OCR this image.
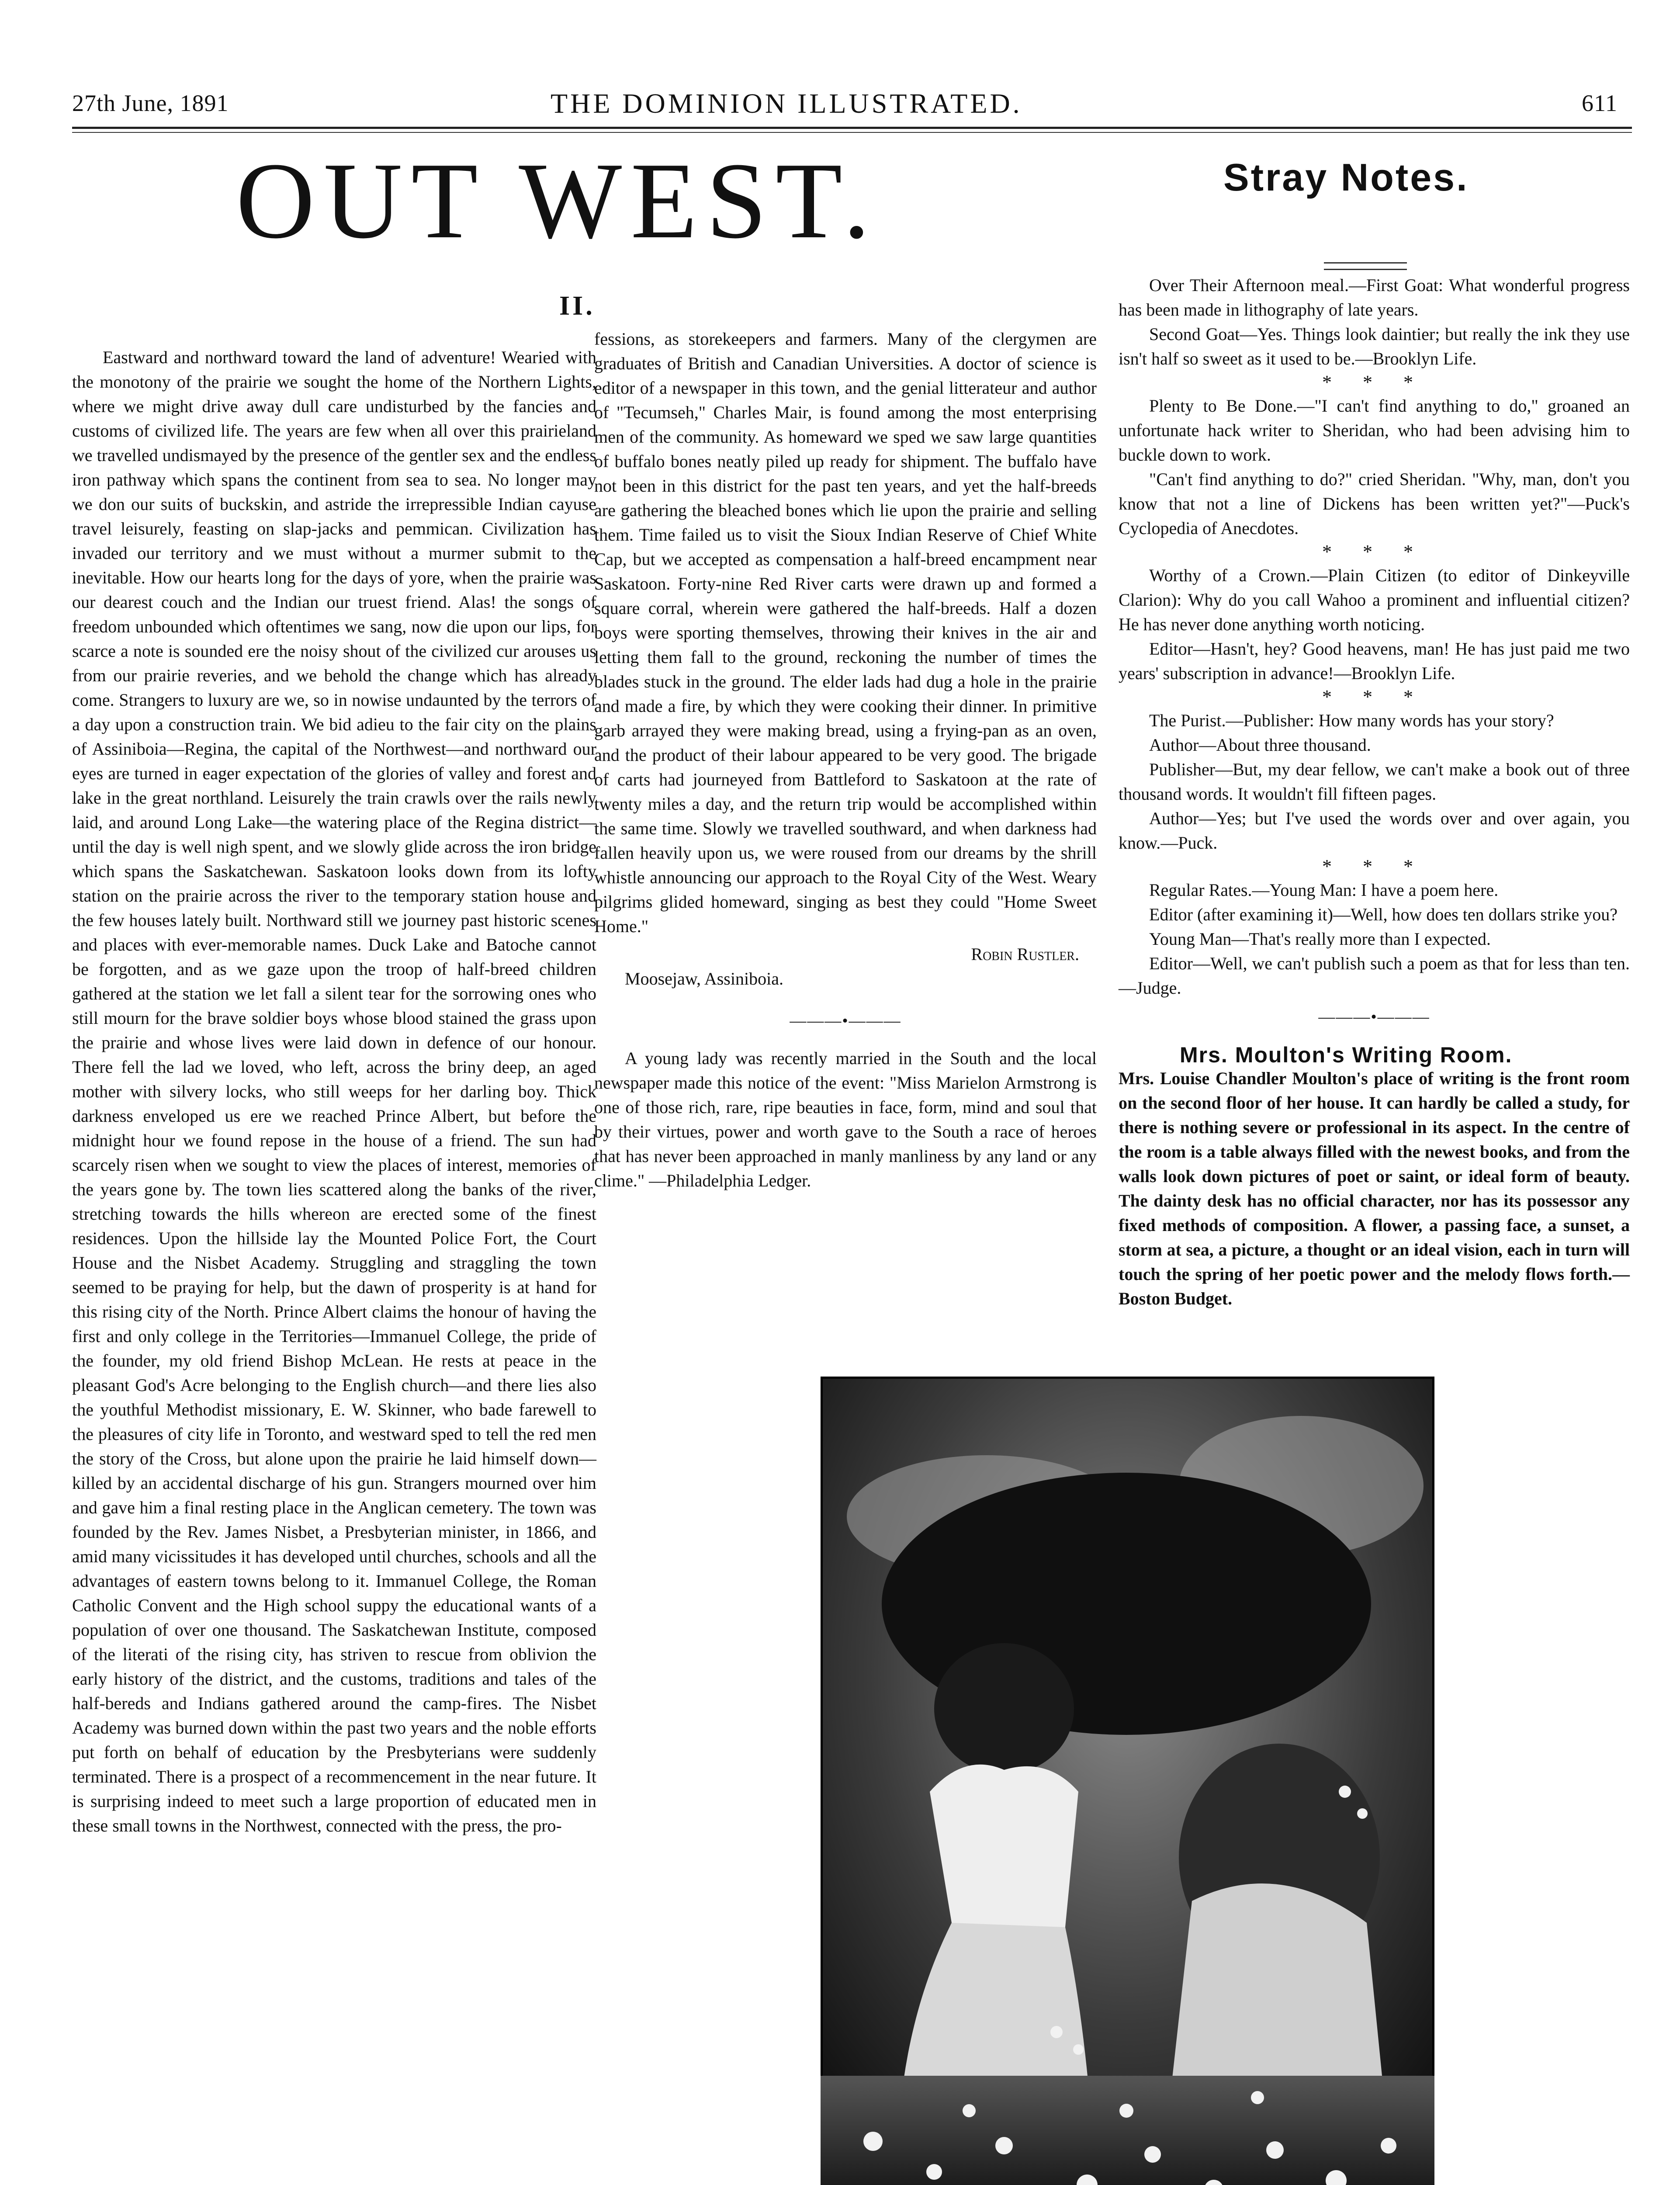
27th June, 1891	THE DOMINION ILLUSTRATED.	611
OUT WEST.
II.

Eastward and northward toward the land of adventure! Wearied with the monotony of the prairie we sought the home of the Northern Lights, where we might drive away dull care undisturbed by the fancies and customs of civilized life. The years are few when all over this prairieland we travelled undismayed by the presence of the gentler sex and the endless iron pathway which spans the continent from sea to sea. No longer may we don our suits of buckskin, and astride the irrepressible Indian cayuse travel leisurely, feasting on slap-jacks and pemmican. Civilization has invaded our territory and we must without a murmer submit to the inevitable. How our hearts long for the days of yore, when the prairie was our dearest couch and the Indian our truest friend. Alas! the songs of freedom unbounded which oftentimes we sang, now die upon our lips, for scarce a note is sounded ere the noisy shout of the civilized cur arouses us from our prairie reveries, and we behold the change which has already come. Strangers to luxury are we, so in nowise undaunted by the terrors of a day upon a construction train. We bid adieu to the fair city on the plains of Assiniboia—Regina, the capital of the Northwest—and northward our eyes are turned in eager expectation of the glories of valley and forest and lake in the great northland. Leisurely the train crawls over the rails newly laid, and around Long Lake—the watering place of the Regina district—until the day is well nigh spent, and we slowly glide across the iron bridge which spans the Saskatchewan. Saskatoon looks down from its lofty station on the prairie across the river to the temporary station house and the few houses lately built. Northward still we journey past historic scenes and places with ever-memorable names. Duck Lake and Batoche cannot be forgotten, and as we gaze upon the troop of half-breed children gathered at the station we let fall a silent tear for the sorrowing ones who still mourn for the brave soldier boys whose blood stained the grass upon the prairie and whose lives were laid down in defence of our honour. There fell the lad we loved, who left, across the briny deep, an aged mother with silvery locks, who still weeps for her darling boy. Thick darkness enveloped us ere we reached Prince Albert, but before the midnight hour we found repose in the house of a friend. The sun had scarcely risen when we sought to view the places of interest, memories of the years gone by. The town lies scattered along the banks of the river, stretching towards the hills whereon are erected some of the finest residences. Upon the hillside lay the Mounted Police Fort, the Court House and the Nisbet Academy. Struggling and straggling the town seemed to be praying for help, but the dawn of prosperity is at hand for this rising city of the North. Prince Albert claims the honour of having the first and only college in the Territories—Immanuel College, the pride of the founder, my old friend Bishop McLean. He rests at peace in the pleasant God's Acre belonging to the English church—and there lies also the youthful Methodist missionary, E. W. Skinner, who bade farewell to the pleasures of city life in Toronto, and westward sped to tell the red men the story of the Cross, but alone upon the prairie he laid himself down—killed by an accidental discharge of his gun. Strangers mourned over him and gave him a final resting place in the Anglican cemetery. The town was founded by the Rev. James Nisbet, a Presbyterian minister, in 1866, and amid many vicissitudes it has developed until churches, schools and all the advantages of eastern towns belong to it. Immanuel College, the Roman Catholic Convent and the High school suppy the educational wants of a population of over one thousand. The Saskatchewan Institute, composed of the literati of the rising city, has striven to rescue from oblivion the early history of the district, and the customs, traditions and tales of the half-bereds and Indians gathered around the camp-fires. The Nisbet Academy was burned down within the past two years and the noble efforts put forth on behalf of education by the Presbyterians were suddenly terminated. There is a prospect of a recommencement in the near future. It is surprising indeed to meet such a large proportion of educated men in these small towns in the Northwest, connected with the press, the pro-

fessions, as storekeepers and farmers. Many of the clergymen are graduates of British and Canadian Universities. A doctor of science is editor of a newspaper in this town, and the genial litterateur and author of "Tecumseh," Charles Mair, is found among the most enterprising men of the community. As homeward we sped we saw large quantities of buffalo bones neatly piled up ready for shipment. The buffalo have not been in this district for the past ten years, and yet the half-breeds are gathering the bleached bones which lie upon the prairie and selling them. Time failed us to visit the Sioux Indian Reserve of Chief White Cap, but we accepted as compensation a half-breed encampment near Saskatoon. Forty-nine Red River carts were drawn up and formed a square corral, wherein were gathered the half-breeds. Half a dozen boys were sporting themselves, throwing their knives in the air and letting them fall to the ground, reckoning the number of times the blades stuck in the ground. The elder lads had dug a hole in the prairie and made a fire, by which they were cooking their dinner. In primitive garb arrayed they were making bread, using a frying-pan as an oven, and the product of their labour appeared to be very good. The brigade of carts had journeyed from Battleford to Saskatoon at the rate of twenty miles a day, and the return trip would be accomplished within the same time. Slowly we travelled southward, and when darkness had fallen heavily upon us, we were roused from our dreams by the shrill whistle announcing our approach to the Royal City of the West. Weary pilgrims glided homeward, singing as best they could "Home Sweet Home."

Robin Rustler.

Moosejaw, Assiniboia.

———•———

A young lady was recently married in the South and the local newspaper made this notice of the event: "Miss Marielon Armstrong is one of those rich, rare, ripe beauties in face, form, mind and soul that by their virtues, power and worth gave to the South a race of heroes that has never been approached in manly manliness by any land or any clime." —Philadelphia Ledger.

Stray Notes.

Over Their Afternoon meal.—First Goat: What wonderful progress has been made in lithography of late years.

Second Goat—Yes. Things look daintier; but really the ink they use isn't half so sweet as it used to be.—Brooklyn Life.

* * *

Plenty to Be Done.—"I can't find anything to do," groaned an unfortunate hack writer to Sheridan, who had been advising him to buckle down to work.

"Can't find anything to do?" cried Sheridan. "Why, man, don't you know that not a line of Dickens has been written yet?"—Puck's Cyclopedia of Anecdotes.

* * *

Worthy of a Crown.—Plain Citizen (to editor of Dinkeyville Clarion): Why do you call Wahoo a prominent and influential citizen? He has never done anything worth noticing.

Editor—Hasn't, hey? Good heavens, man! He has just paid me two years' subscription in advance!—Brooklyn Life.

* * *

The Purist.—Publisher: How many words has your story?

Author—About three thousand.

Publisher—But, my dear fellow, we can't make a book out of three thousand words. It wouldn't fill fifteen pages.

Author—Yes; but I've used the words over and over again, you know.—Puck.

* * *

Regular Rates.—Young Man: I have a poem here.

Editor (after examining it)—Well, how does ten dollars strike you?

Young Man—That's really more than I expected.

Editor—Well, we can't publish such a poem as that for less than ten.—Judge.

———•———
Mrs. Moulton's Writing Room.

Mrs. Louise Chandler Moulton's place of writing is the front room on the second floor of her house. It can hardly be called a study, for there is nothing severe or professional in its aspect. In the centre of the room is a table always filled with the newest books, and from the walls look down pictures of poet or saint, or ideal form of beauty. The dainty desk has no official character, nor has its possessor any fixed methods of composition. A flower, a passing face, a sunset, a storm at sea, a picture, a thought or an ideal vision, each in turn will touch the spring of her poetic power and the melody flows forth.—Boston Budget.
